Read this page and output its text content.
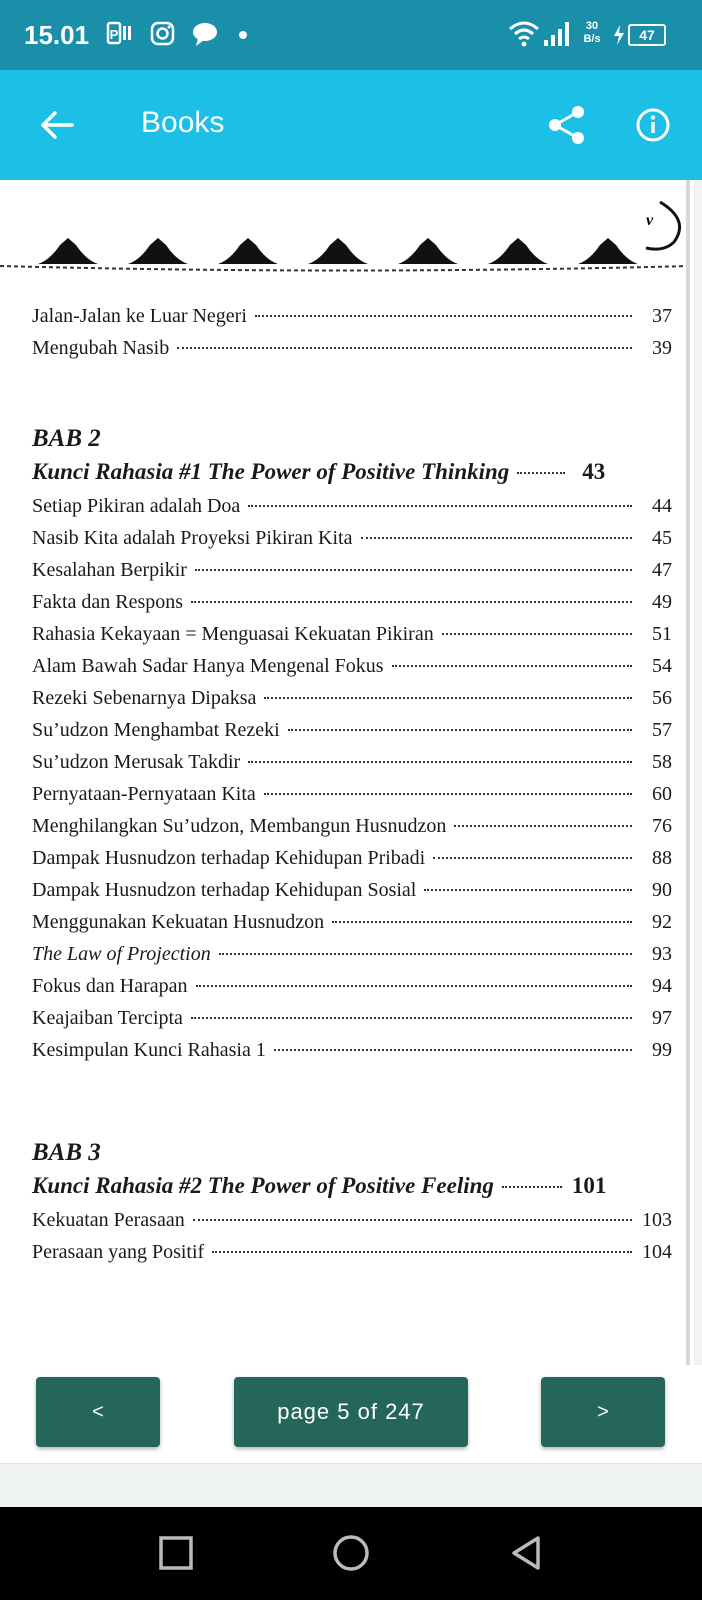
15.01 P
30
B/s	47
Books
v
Jalan-Jalan ke Luar Negeri	37
Mengubah Nasib	39
BAB 2
Kunci Rahasia #1 The Power of Positive Thinking	43
Setiap Pikiran adalah Doa	44
Nasib Kita adalah Proyeksi Pikiran Kita	45
Kesalahan Berpikir	47
Fakta dan Respons	49
Rahasia Kekayaan = Menguasai Kekuatan Pikiran	51
Alam Bawah Sadar Hanya Mengenal Fokus	54
Rezeki Sebenarnya Dipaksa	56
Su’udzon Menghambat Rezeki	57
Su’udzon Merusak Takdir	58
Pernyataan-Pernyataan Kita	60
Menghilangkan Su’udzon, Membangun Husnudzon	76
Dampak Husnudzon terhadap Kehidupan Pribadi	88
Dampak Husnudzon terhadap Kehidupan Sosial	90
Menggunakan Kekuatan Husnudzon	92
The Law of Projection	93
Fokus dan Harapan	94
Keajaiban Tercipta	97
Kesimpulan Kunci Rahasia 1	99
BAB 3
Kunci Rahasia #2 The Power of Positive Feeling	101
Kekuatan Perasaan	103
Perasaan yang Positif	104
<	page 5 of 247	>
